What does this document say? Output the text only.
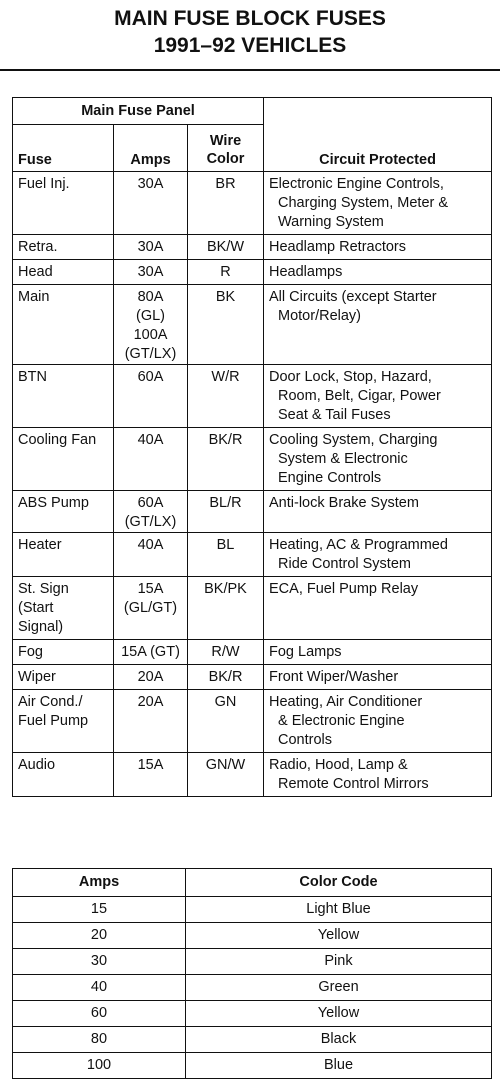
MAIN FUSE BLOCK FUSES
1991–92 VEHICLES
Main Fuse Panel			Circuit Protected
Fuse	Amps	Wire
Color	

Fuel Inj.	30A	BR	Electronic Engine Controls,
Charging System, Meter &
Warning System

Retra.	30A	BK/W	Headlamp Retractors

Head	30A	R	Headlamps

Main	80A
(GL)
100A
(GT/LX)	BK	All Circuits (except Starter
Motor/Relay)

BTN	60A	W/R	Door Lock, Stop, Hazard,
Room, Belt, Cigar, Power
Seat & Tail Fuses

Cooling Fan	40A	BK/R	Cooling System, Charging
System & Electronic
Engine Controls

ABS Pump	60A
(GT/LX)	BL/R	Anti-lock Brake System

Heater	40A	BL	Heating, AC & Programmed
Ride Control System

St. Sign
(Start
Signal)	15A
(GL/GT)	BK/PK	ECA, Fuel Pump Relay

Fog	15A (GT)	R/W	Fog Lamps

Wiper	20A	BK/R	Front Wiper/Washer

Air Cond./
Fuel Pump	20A	GN	Heating, Air Conditioner
& Electronic Engine
Controls

Audio	15A	GN/W	Radio, Hood, Lamp &
Remote Control Mirrors
Amps	Color Code
15	Light Blue
20	Yellow
30	Pink
40	Green
60	Yellow
80	Black
100	Blue
